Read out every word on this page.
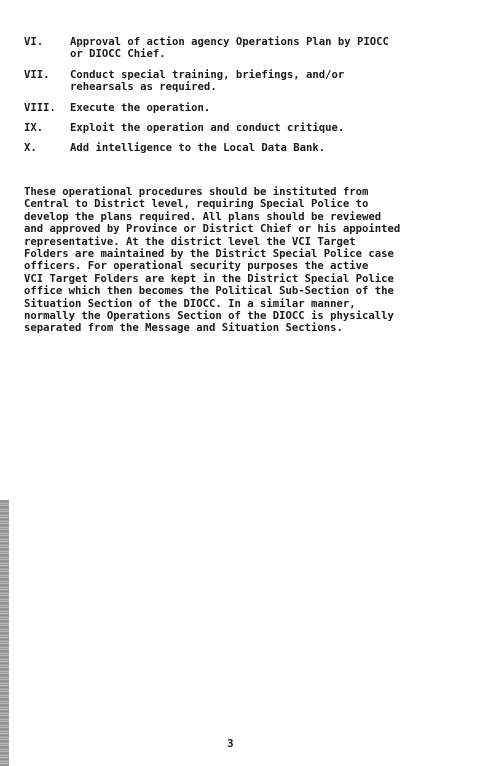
VI.	Approval of action agency Operations Plan by PIOCC
or DIOCC Chief.
VII. Conduct special training, briefings, and/or
rehearsals as required.
VIII. Execute the operation.
IX.	Exploit the operation and conduct critique.
X.	Add intelligence to the Local Data Bank.
These operational procedures should be instituted from
Central to District level, requiring Special Police to
develop the plans required. All plans should be reviewed
and approved by Province or District Chief or his appointed
representative. At the district level the VCI Target
Folders are maintained by the District Special Police case
officers. For operational security purposes the active
VCI Target Folders are kept in the District Special Police
office which then becomes the Political Sub-Section of the
Situation Section of the DIOCC. In a similar manner,
normally the Operations Section of the DIOCC is physically
separated from the Message and Situation Sections.
3
